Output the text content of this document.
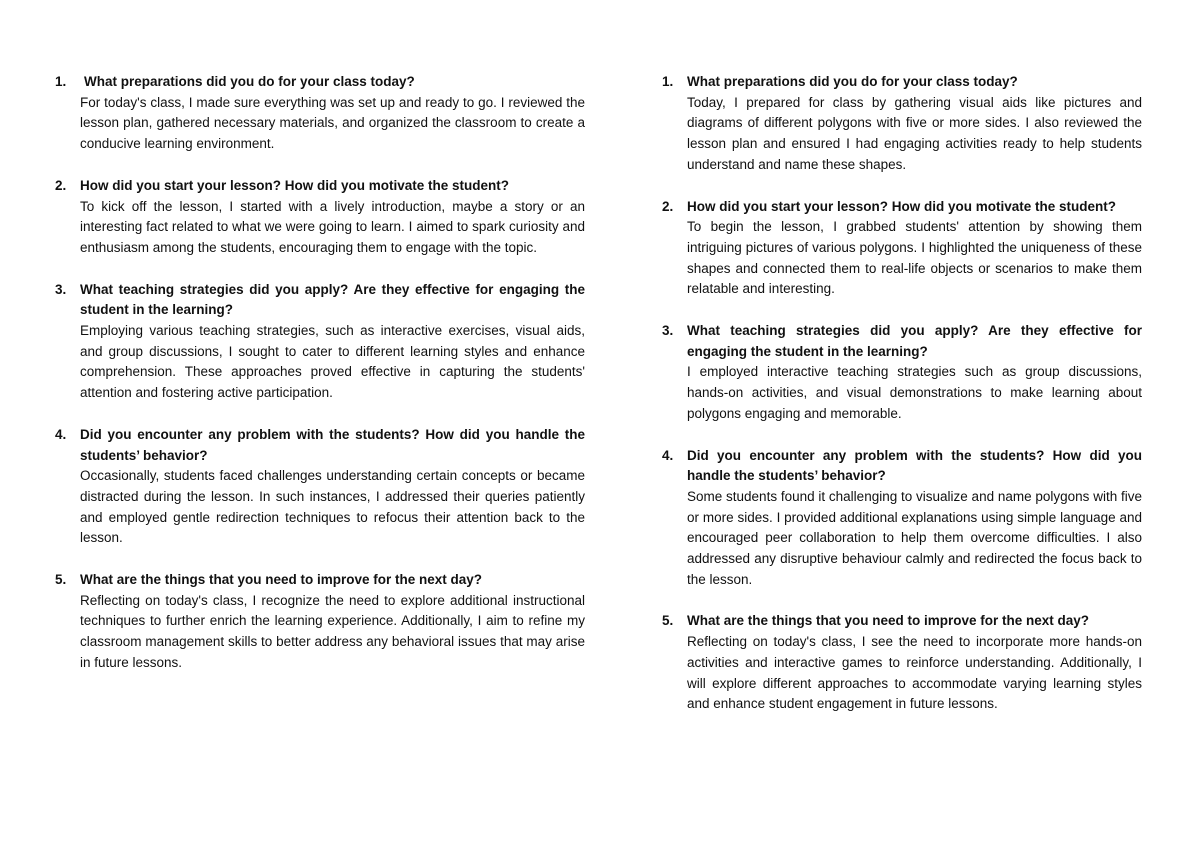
1. What preparations did you do for your class today?
For today's class, I made sure everything was set up and ready to go. I reviewed the lesson plan, gathered necessary materials, and organized the classroom to create a conducive learning environment.
2. How did you start your lesson? How did you motivate the student?
To kick off the lesson, I started with a lively introduction, maybe a story or an interesting fact related to what we were going to learn. I aimed to spark curiosity and enthusiasm among the students, encouraging them to engage with the topic.
3. What teaching strategies did you apply? Are they effective for engaging the student in the learning?
Employing various teaching strategies, such as interactive exercises, visual aids, and group discussions, I sought to cater to different learning styles and enhance comprehension. These approaches proved effective in capturing the students' attention and fostering active participation.
4. Did you encounter any problem with the students? How did you handle the students’ behavior?
Occasionally, students faced challenges understanding certain concepts or became distracted during the lesson. In such instances, I addressed their queries patiently and employed gentle redirection techniques to refocus their attention back to the lesson.
5. What are the things that you need to improve for the next day?
Reflecting on today's class, I recognize the need to explore additional instructional techniques to further enrich the learning experience. Additionally, I aim to refine my classroom management skills to better address any behavioral issues that may arise in future lessons.
1. What preparations did you do for your class today?
Today, I prepared for class by gathering visual aids like pictures and diagrams of different polygons with five or more sides. I also reviewed the lesson plan and ensured I had engaging activities ready to help students understand and name these shapes.
2. How did you start your lesson? How did you motivate the student?
To begin the lesson, I grabbed students' attention by showing them intriguing pictures of various polygons. I highlighted the uniqueness of these shapes and connected them to real-life objects or scenarios to make them relatable and interesting.
3. What teaching strategies did you apply? Are they effective for engaging the student in the learning?
I employed interactive teaching strategies such as group discussions, hands-on activities, and visual demonstrations to make learning about polygons engaging and memorable.
4. Did you encounter any problem with the students? How did you handle the students’ behavior?
Some students found it challenging to visualize and name polygons with five or more sides. I provided additional explanations using simple language and encouraged peer collaboration to help them overcome difficulties. I also addressed any disruptive behaviour calmly and redirected the focus back to the lesson.
5. What are the things that you need to improve for the next day?
Reflecting on today's class, I see the need to incorporate more hands-on activities and interactive games to reinforce understanding. Additionally, I will explore different approaches to accommodate varying learning styles and enhance student engagement in future lessons.
